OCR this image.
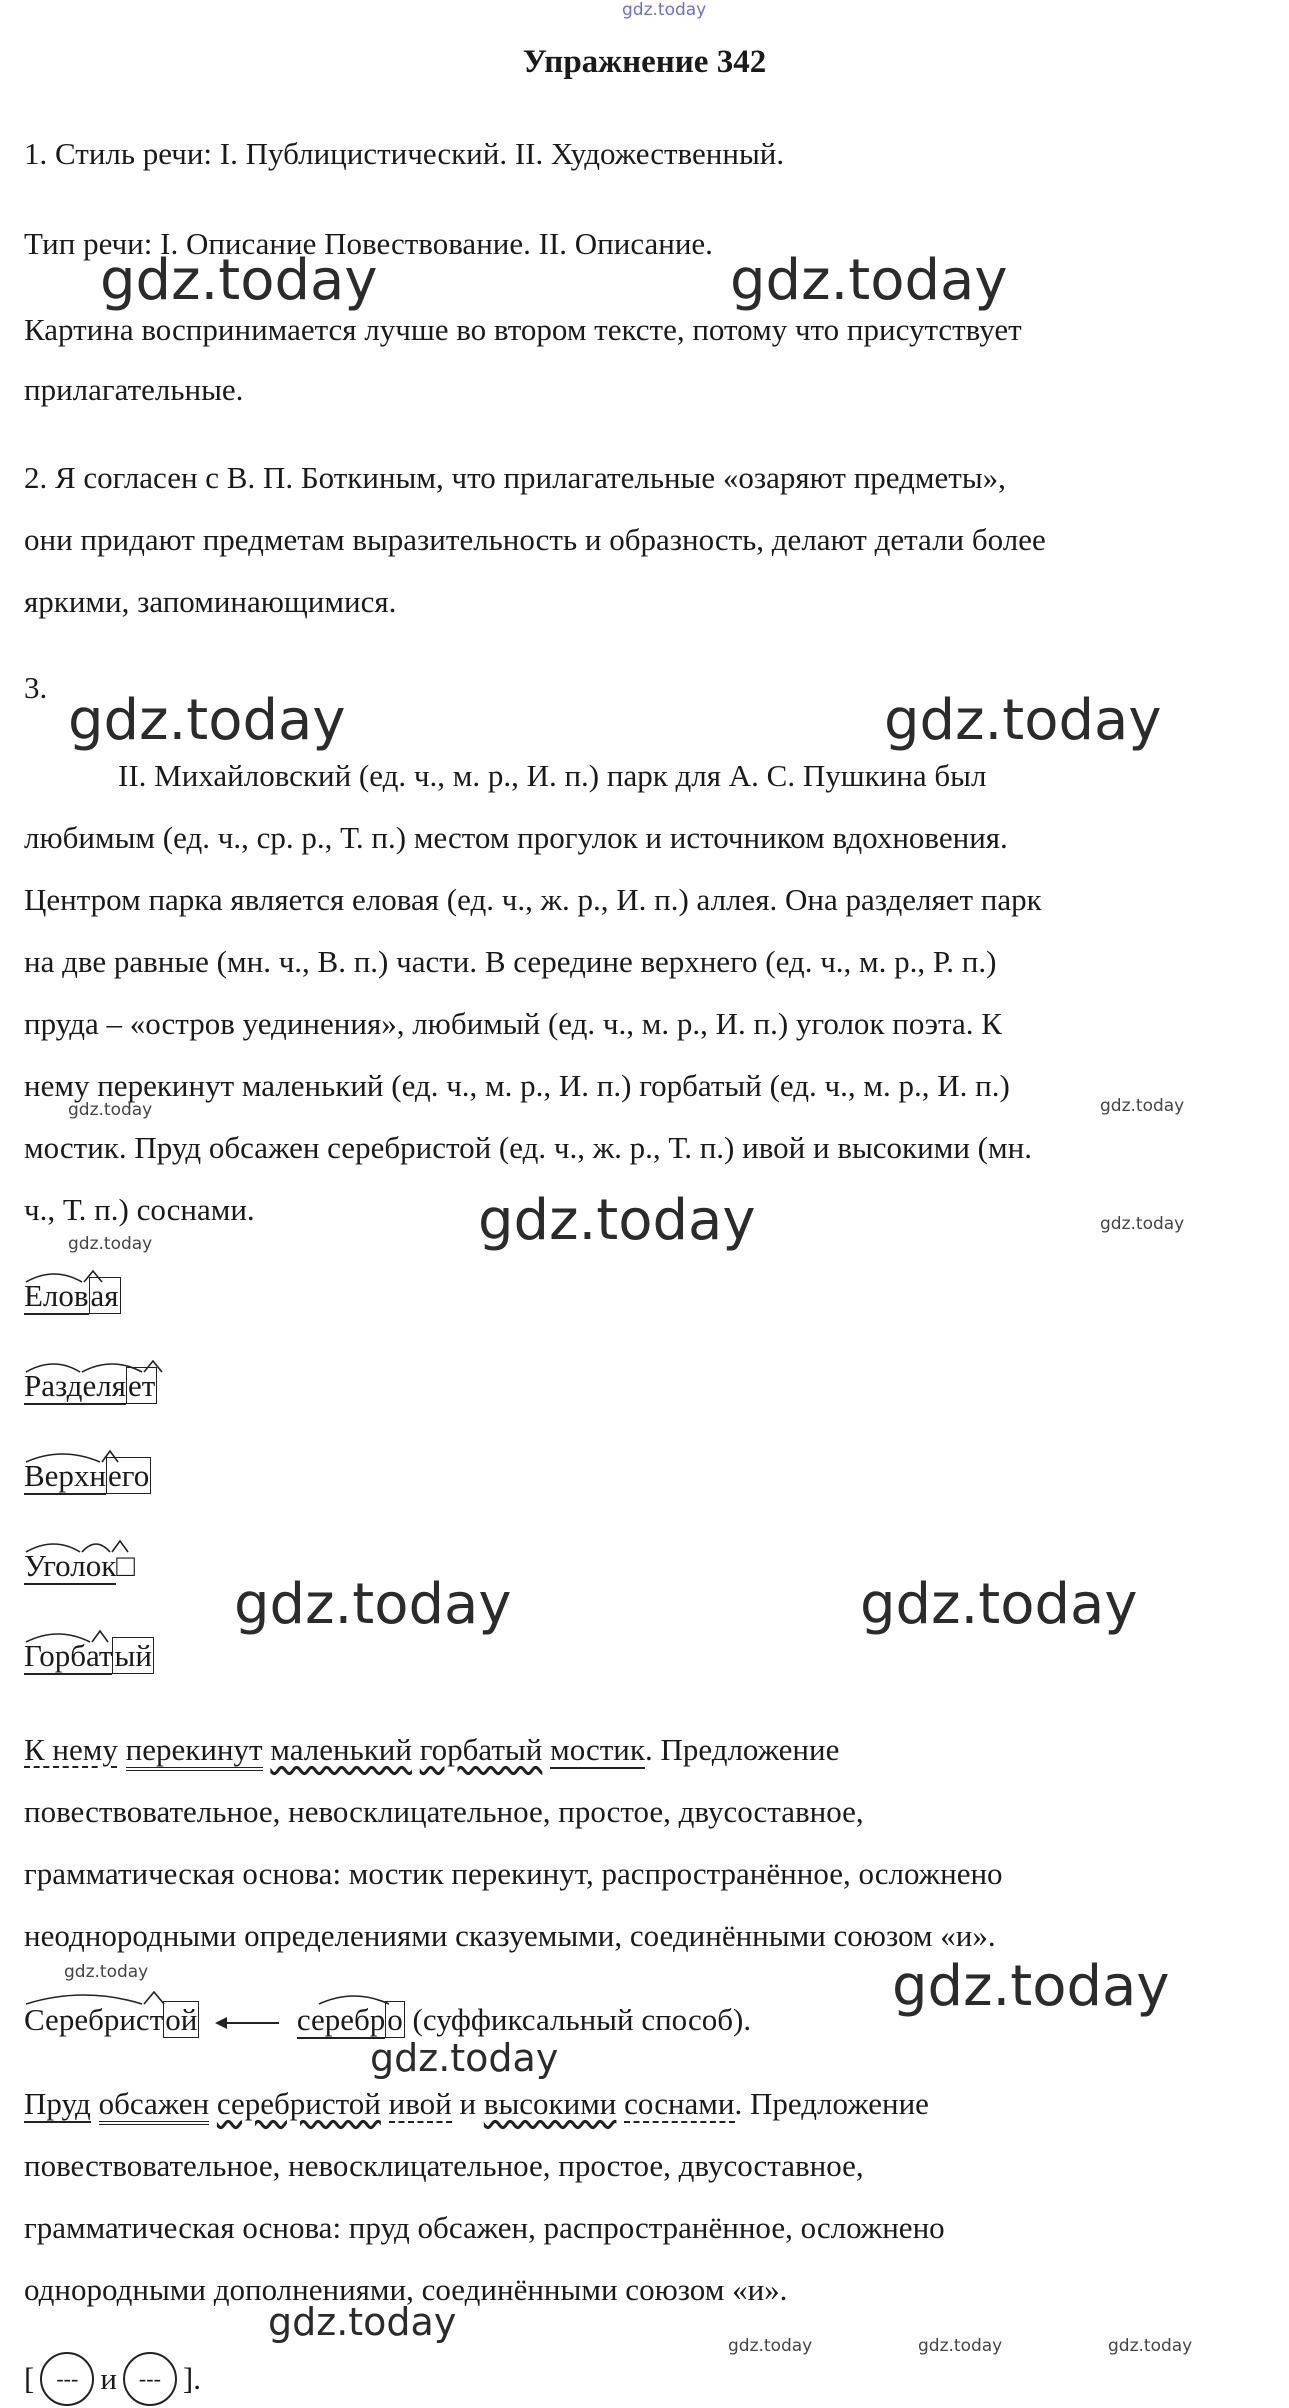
gdz.today
Упражнение 342
1. Стиль речи: I. Публицистический. II. Художественный.
Тип речи: I. Описание Повествование. II. Описание.
Картина воспринимается лучше во втором тексте, потому что присутствует
прилагательные.
2. Я согласен с В. П. Боткиным, что прилагательные «озаряют предметы»,
они придают предметам выразительность и образность, делают детали более
яркими, запоминающимися.
3.
II. Михайловский (ед. ч., м. р., И. п.) парк для А. С. Пушкина был
любимым (ед. ч., ср. р., Т. п.) местом прогулок и источником вдохновения.
Центром парка является еловая (ед. ч., ж. р., И. п.) аллея. Она разделяет парк
на две равные (мн. ч., В. п.) части. В середине верхнего (ед. ч., м. р., Р. п.)
пруда – «остров уединения», любимый (ед. ч., м. р., И. п.) уголок поэта. К
нему перекинут маленький (ед. ч., м. р., И. п.) горбатый (ед. ч., м. р., И. п.)
мостик. Пруд обсажен серебристой (ед. ч., ж. р., Т. п.) ивой и высокими (мн.
ч., Т. п.) соснами.
Еловая
Разделяет
Верхнего
Уголок□
Горбатый
К нему перекинут маленький горбатый мостик. Предложение
повествовательное, невосклицательное, простое, двусоставное,
грамматическая основа: мостик перекинут, распространённое, осложнено
неоднородными определениями сказуемыми, соединёнными союзом «и».
Серебристой	серебро (суффиксальный способ).
Пруд обсажен серебристой ивой и высокими соснами. Предложение
повествовательное, невосклицательное, простое, двусоставное,
грамматическая основа: пруд обсажен, распространённое, осложнено
однородными дополнениями, соединёнными союзом «и».
[ --- и --- ].
gdz.today	gdz.today
gdz.today	gdz.today
gdz.today	gdz.today
gdz.today	gdz.today
gdz.today
gdz.today	gdz.today
gdz.today
gdz.today
gdz.today
gdz.today
gdz.today	gdz.today	gdz.today
